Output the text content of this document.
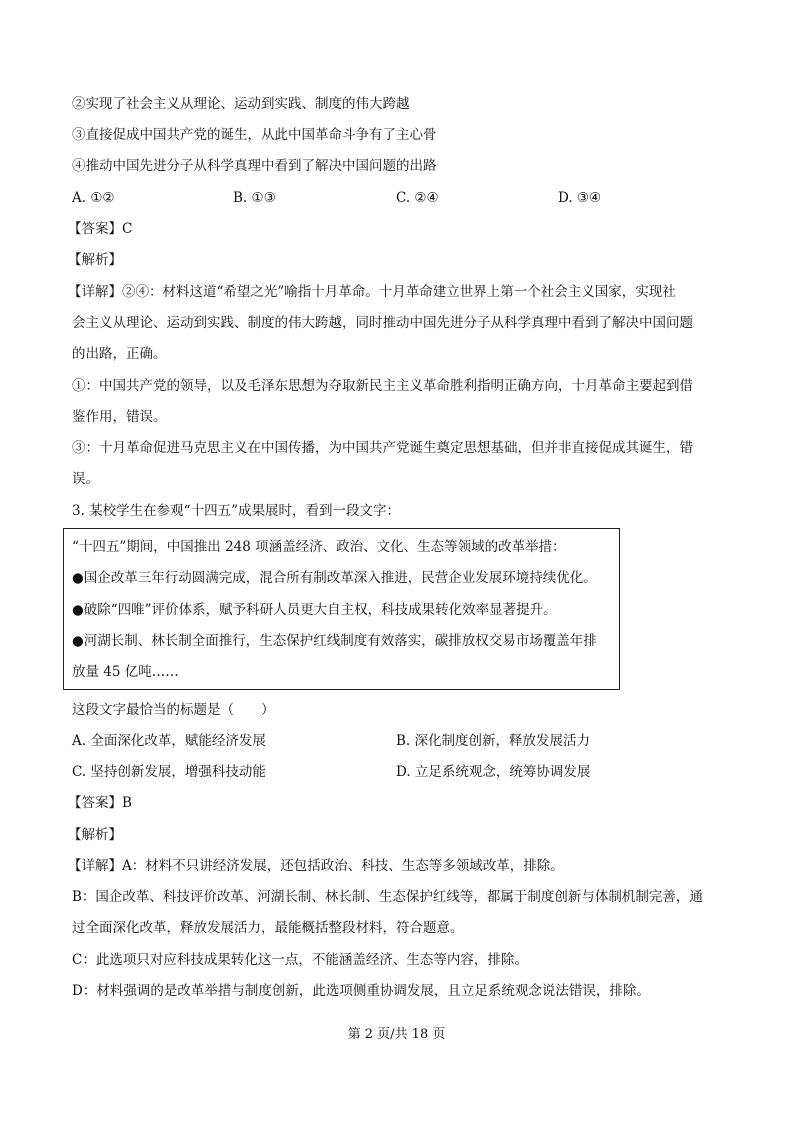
②实现了社会主义从理论、运动到实践、制度的伟大跨越
③直接促成中国共产党的诞生，从此中国革命斗争有了主心骨
④推动中国先进分子从科学真理中看到了解决中国问题的出路
A. ①②	B. ①③	C. ②④	D. ③④
【答案】C
【解析】
【详解】②④：材料这道“希望之光”喻指十月革命。十月革命建立世界上第一个社会主义国家，实现社
会主义从理论、运动到实践、制度的伟大跨越，同时推动中国先进分子从科学真理中看到了解决中国问题
的出路，正确。
①：中国共产党的领导，以及毛泽东思想为夺取新民主主义革命胜利指明正确方向，十月革命主要起到借
鉴作用，错误。
③：十月革命促进马克思主义在中国传播，为中国共产党诞生奠定思想基础，但并非直接促成其诞生，错
误。
3. 某校学生在参观“十四五”成果展时，看到一段文字：
“十四五”期间，中国推出 248 项涵盖经济、政治、文化、生态等领域的改革举措：
●国企改革三年行动圆满完成，混合所有制改革深入推进，民营企业发展环境持续优化。
●破除“四唯”评价体系，赋予科研人员更大自主权，科技成果转化效率显著提升。
●河湖长制、林长制全面推行，生态保护红线制度有效落实，碳排放权交易市场覆盖年排
放量 45 亿吨……
这段文字最恰当的标题是（　　）
A. 全面深化改革，赋能经济发展	B. 深化制度创新，释放发展活力
C. 坚持创新发展，增强科技动能	D. 立足系统观念，统筹协调发展
【答案】B
【解析】
【详解】A：材料不只讲经济发展，还包括政治、科技、生态等多领域改革，排除。
B：国企改革、科技评价改革、河湖长制、林长制、生态保护红线等，都属于制度创新与体制机制完善，通
过全面深化改革，释放发展活力，最能概括整段材料，符合题意。
C：此选项只对应科技成果转化这一点，不能涵盖经济、生态等内容，排除。
D：材料强调的是改革举措与制度创新，此选项侧重协调发展，且立足系统观念说法错误，排除。
第 2 页/共 18 页
